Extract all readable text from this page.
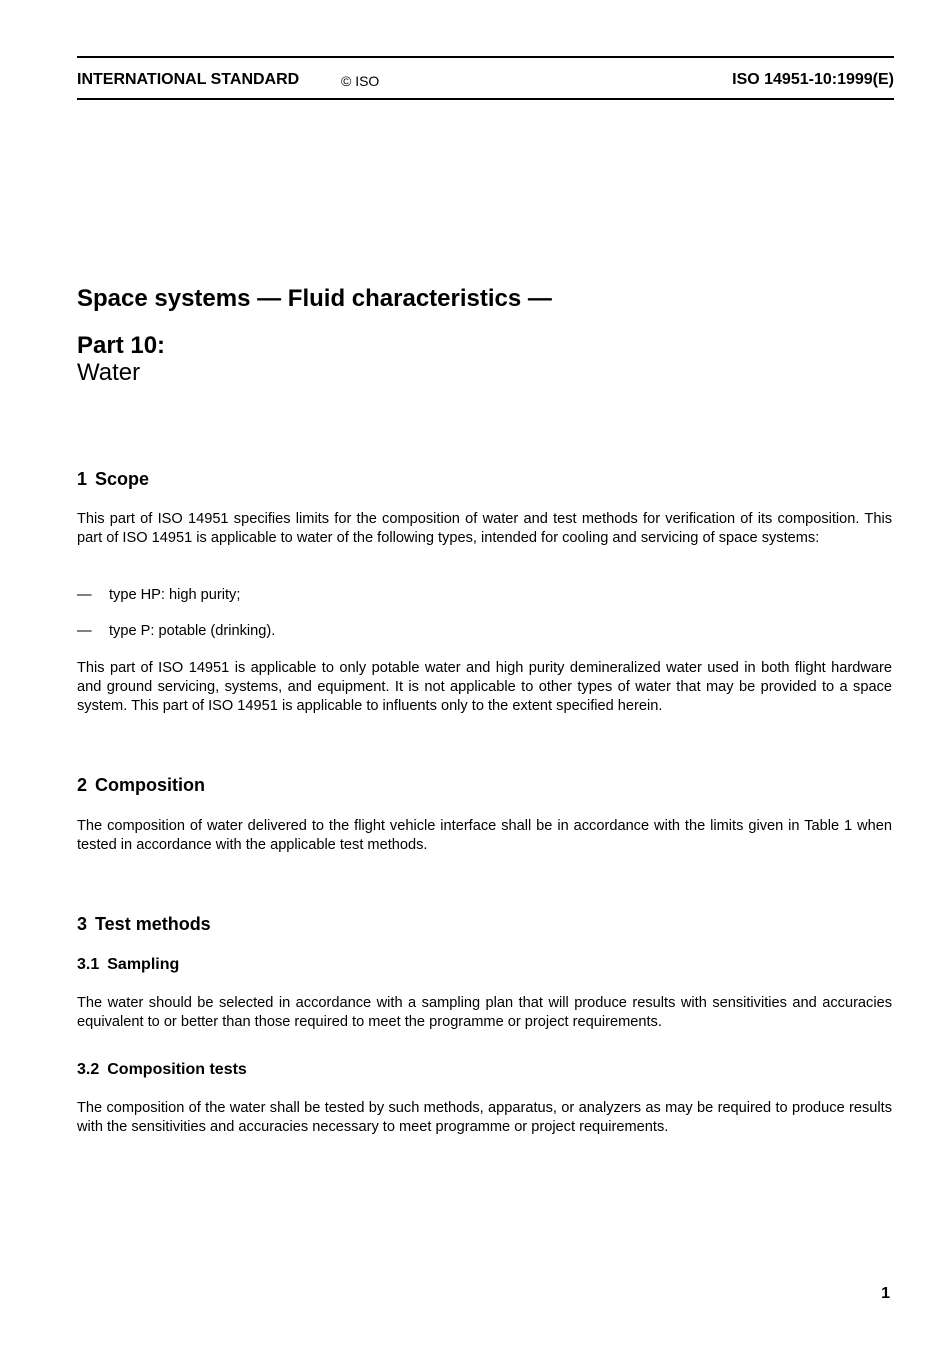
INTERNATIONAL STANDARD	© ISO	ISO 14951-10:1999(E)
Space systems — Fluid characteristics —
Part 10:
Water
1 Scope
This part of ISO 14951 specifies limits for the composition of water and test methods for verification of its composition. This part of ISO 14951 is applicable to water of the following types, intended for cooling and servicing of space systems:
— type HP: high purity;
— type P: potable (drinking).
This part of ISO 14951 is applicable to only potable water and high purity demineralized water used in both flight hardware and ground servicing, systems, and equipment. It is not applicable to other types of water that may be provided to a space system. This part of ISO 14951 is applicable to influents only to the extent specified herein.
2 Composition
The composition of water delivered to the flight vehicle interface shall be in accordance with the limits given in Table 1 when tested in accordance with the applicable test methods.
3 Test methods
3.1 Sampling
The water should be selected in accordance with a sampling plan that will produce results with sensitivities and accuracies equivalent to or better than those required to meet the programme or project requirements.
3.2 Composition tests
The composition of the water shall be tested by such methods, apparatus, or analyzers as may be required to produce results with the sensitivities and accuracies necessary to meet programme or project requirements.
1
